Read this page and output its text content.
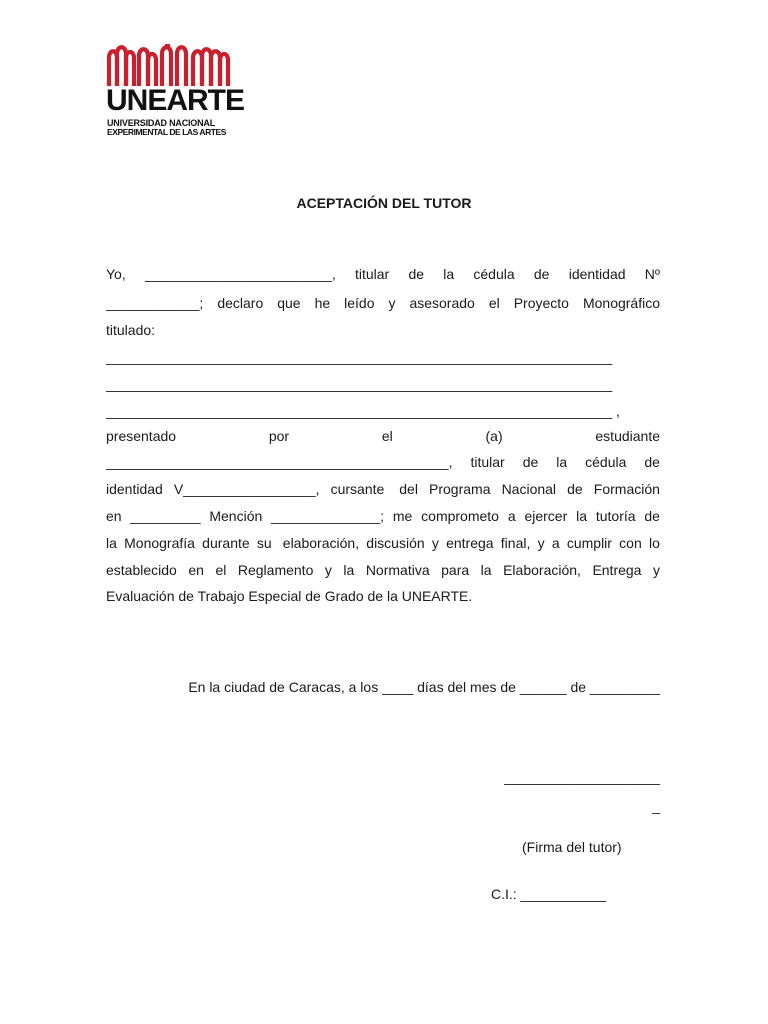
UNEARTE
UNIVERSIDAD NACIONAL
EXPERIMENTAL DE LAS ARTES
ACEPTACIÓN DEL TUTOR
Yo, ________________________, titular de la cédula de identidad Nº
____________; declaro que he leído y asesorado el Proyecto Monográfico
titulado:
_________________________________________________________________
_________________________________________________________________
_________________________________________________________________ ,
presentado	por	el	(a)	estudiante
____________________________________________, titular de la cédula de
identidad V_________________, cursante del Programa Nacional de Formación
en _________ Mención ______________; me comprometo a ejercer la tutoría de
la Monografía durante su elaboración, discusión y entrega final, y a cumplir con lo
establecido en el Reglamento y la Normativa para la Elaboración, Entrega y
Evaluación de Trabajo Especial de Grado de la UNEARTE.
En la ciudad de Caracas, a los ____ días del mes de ______ de _________
____________________
_
(Firma del tutor)
C.I.: ___________
